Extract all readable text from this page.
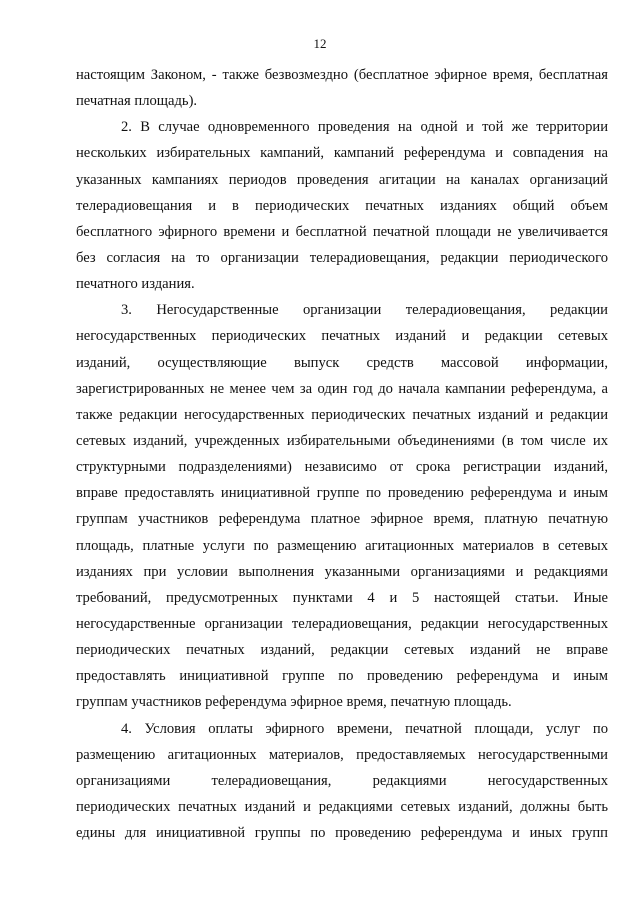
12
настоящим Законом, - также безвозмездно (бесплатное эфирное время, бесплатная
печатная площадь).
2. В случае одновременного проведения на одной и той же территории
нескольких избирательных кампаний, кампаний референдума и совпадения на
указанных кампаниях периодов проведения агитации на каналах организаций
телерадиовещания и в периодических печатных изданиях общий объем
бесплатного эфирного времени и бесплатной печатной площади не увеличивается
без согласия на то организации телерадиовещания, редакции периодического
печатного издания.
3. Негосударственные организации телерадиовещания, редакции
негосударственных периодических печатных изданий и редакции сетевых
изданий, осуществляющие выпуск средств массовой информации,
зарегистрированных не менее чем за один год до начала кампании референдума, а
также редакции негосударственных периодических печатных изданий и редакции
сетевых изданий, учрежденных избирательными объединениями (в том числе их
структурными подразделениями) независимо от срока регистрации изданий,
вправе предоставлять инициативной группе по проведению референдума и иным
группам участников референдума платное эфирное время, платную печатную
площадь, платные услуги по размещению агитационных материалов в сетевых
изданиях при условии выполнения указанными организациями и редакциями
требований, предусмотренных пунктами 4 и 5 настоящей статьи. Иные
негосударственные организации телерадиовещания, редакции негосударственных
периодических печатных изданий, редакции сетевых изданий не вправе
предоставлять инициативной группе по проведению референдума и иным
группам участников референдума эфирное время, печатную площадь.
4. Условия оплаты эфирного времени, печатной площади, услуг по
размещению агитационных материалов, предоставляемых негосударственными
организациями телерадиовещания, редакциями негосударственных
периодических печатных изданий и редакциями сетевых изданий, должны быть
едины для инициативной группы по проведению референдума и иных групп
